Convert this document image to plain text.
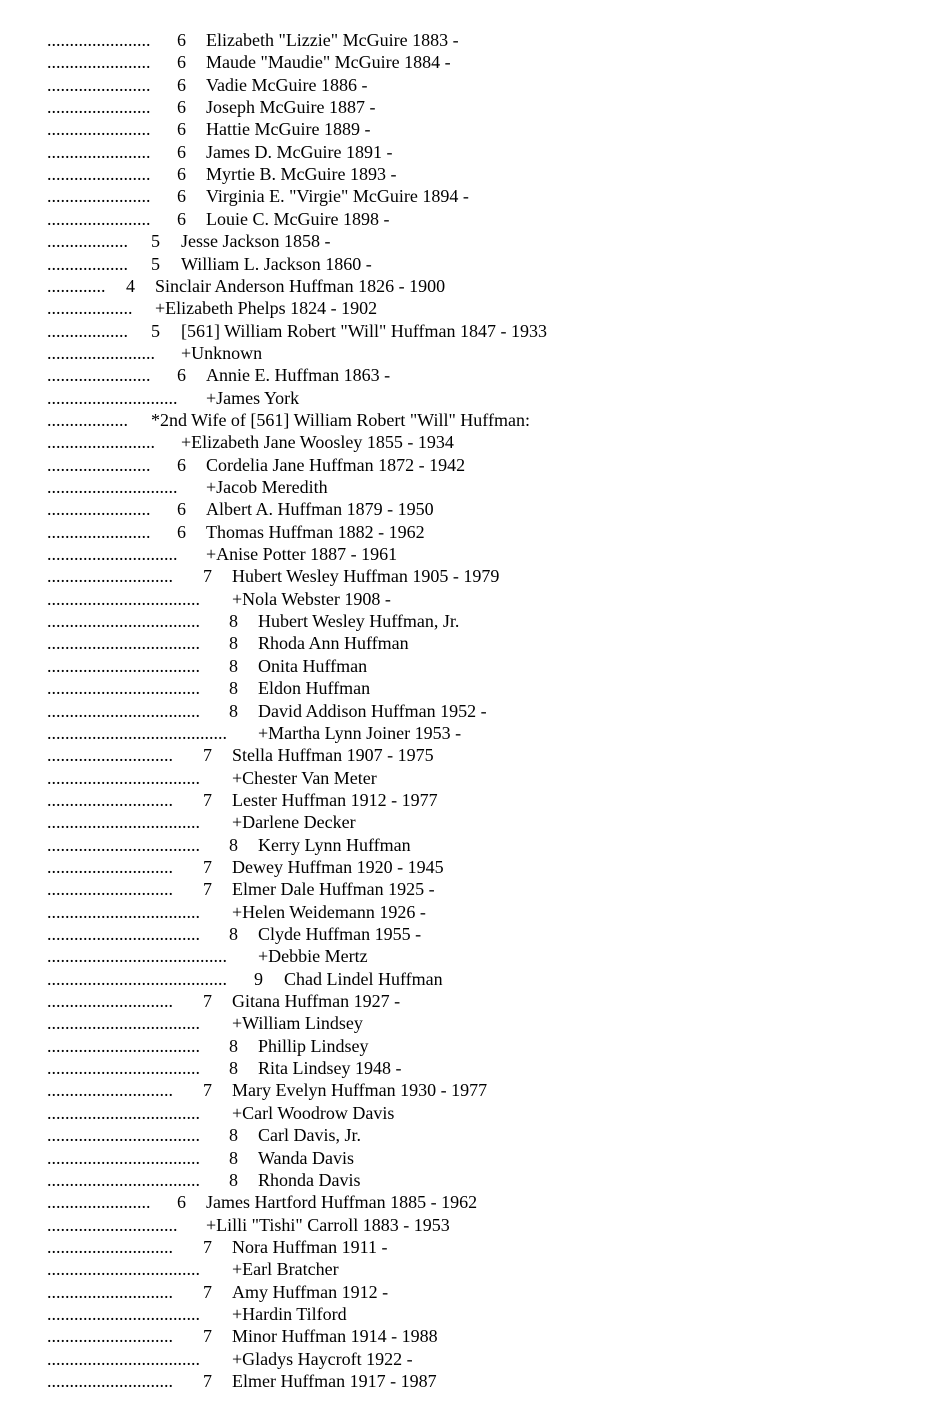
....................... 6 Elizabeth "Lizzie" McGuire 1883 -
....................... 6 Maude "Maudie" McGuire 1884 -
....................... 6 Vadie McGuire 1886 -
....................... 6 Joseph McGuire 1887 -
....................... 6 Hattie McGuire 1889 -
....................... 6 James D. McGuire 1891 -
....................... 6 Myrtie B. McGuire 1893 -
....................... 6 Virginia E. "Virgie" McGuire 1894 -
....................... 6 Louie C. McGuire 1898 -
.................. 5 Jesse Jackson 1858 -
.................. 5 William L. Jackson 1860 -
............. 4 Sinclair Anderson Huffman 1826 - 1900
................... +Elizabeth Phelps 1824 - 1902
.................. 5 [561] William Robert "Will" Huffman 1847 - 1933
........................ +Unknown
....................... 6 Annie E. Huffman 1863 -
............................. +James York
.................. *2nd Wife of [561] William Robert "Will" Huffman:
........................ +Elizabeth Jane Woosley 1855 - 1934
....................... 6 Cordelia Jane Huffman 1872 - 1942
............................. +Jacob Meredith
....................... 6 Albert A. Huffman 1879 - 1950
....................... 6 Thomas Huffman 1882 - 1962
............................. +Anise Potter 1887 - 1961
............................ 7 Hubert Wesley Huffman 1905 - 1979
.................................. +Nola Webster 1908 -
.................................. 8 Hubert Wesley Huffman, Jr.
.................................. 8 Rhoda Ann Huffman
.................................. 8 Onita Huffman
.................................. 8 Eldon Huffman
.................................. 8 David Addison Huffman 1952 -
........................................ +Martha Lynn Joiner 1953 -
............................ 7 Stella Huffman 1907 - 1975
.................................. +Chester Van Meter
............................ 7 Lester Huffman 1912 - 1977
.................................. +Darlene Decker
.................................. 8 Kerry Lynn Huffman
............................ 7 Dewey Huffman 1920 - 1945
............................ 7 Elmer Dale Huffman 1925 -
.................................. +Helen Weidemann 1926 -
.................................. 8 Clyde Huffman 1955 -
........................................ +Debbie Mertz
........................................ 9 Chad Lindel Huffman
............................ 7 Gitana Huffman 1927 -
.................................. +William Lindsey
.................................. 8 Phillip Lindsey
.................................. 8 Rita Lindsey 1948 -
............................ 7 Mary Evelyn Huffman 1930 - 1977
.................................. +Carl Woodrow Davis
.................................. 8 Carl Davis, Jr.
.................................. 8 Wanda Davis
.................................. 8 Rhonda Davis
....................... 6 James Hartford Huffman 1885 - 1962
............................. +Lilli "Tishi" Carroll 1883 - 1953
............................ 7 Nora Huffman 1911 -
.................................. +Earl Bratcher
............................ 7 Amy Huffman 1912 -
.................................. +Hardin Tilford
............................ 7 Minor Huffman 1914 - 1988
.................................. +Gladys Haycroft 1922 -
............................ 7 Elmer Huffman 1917 - 1987
